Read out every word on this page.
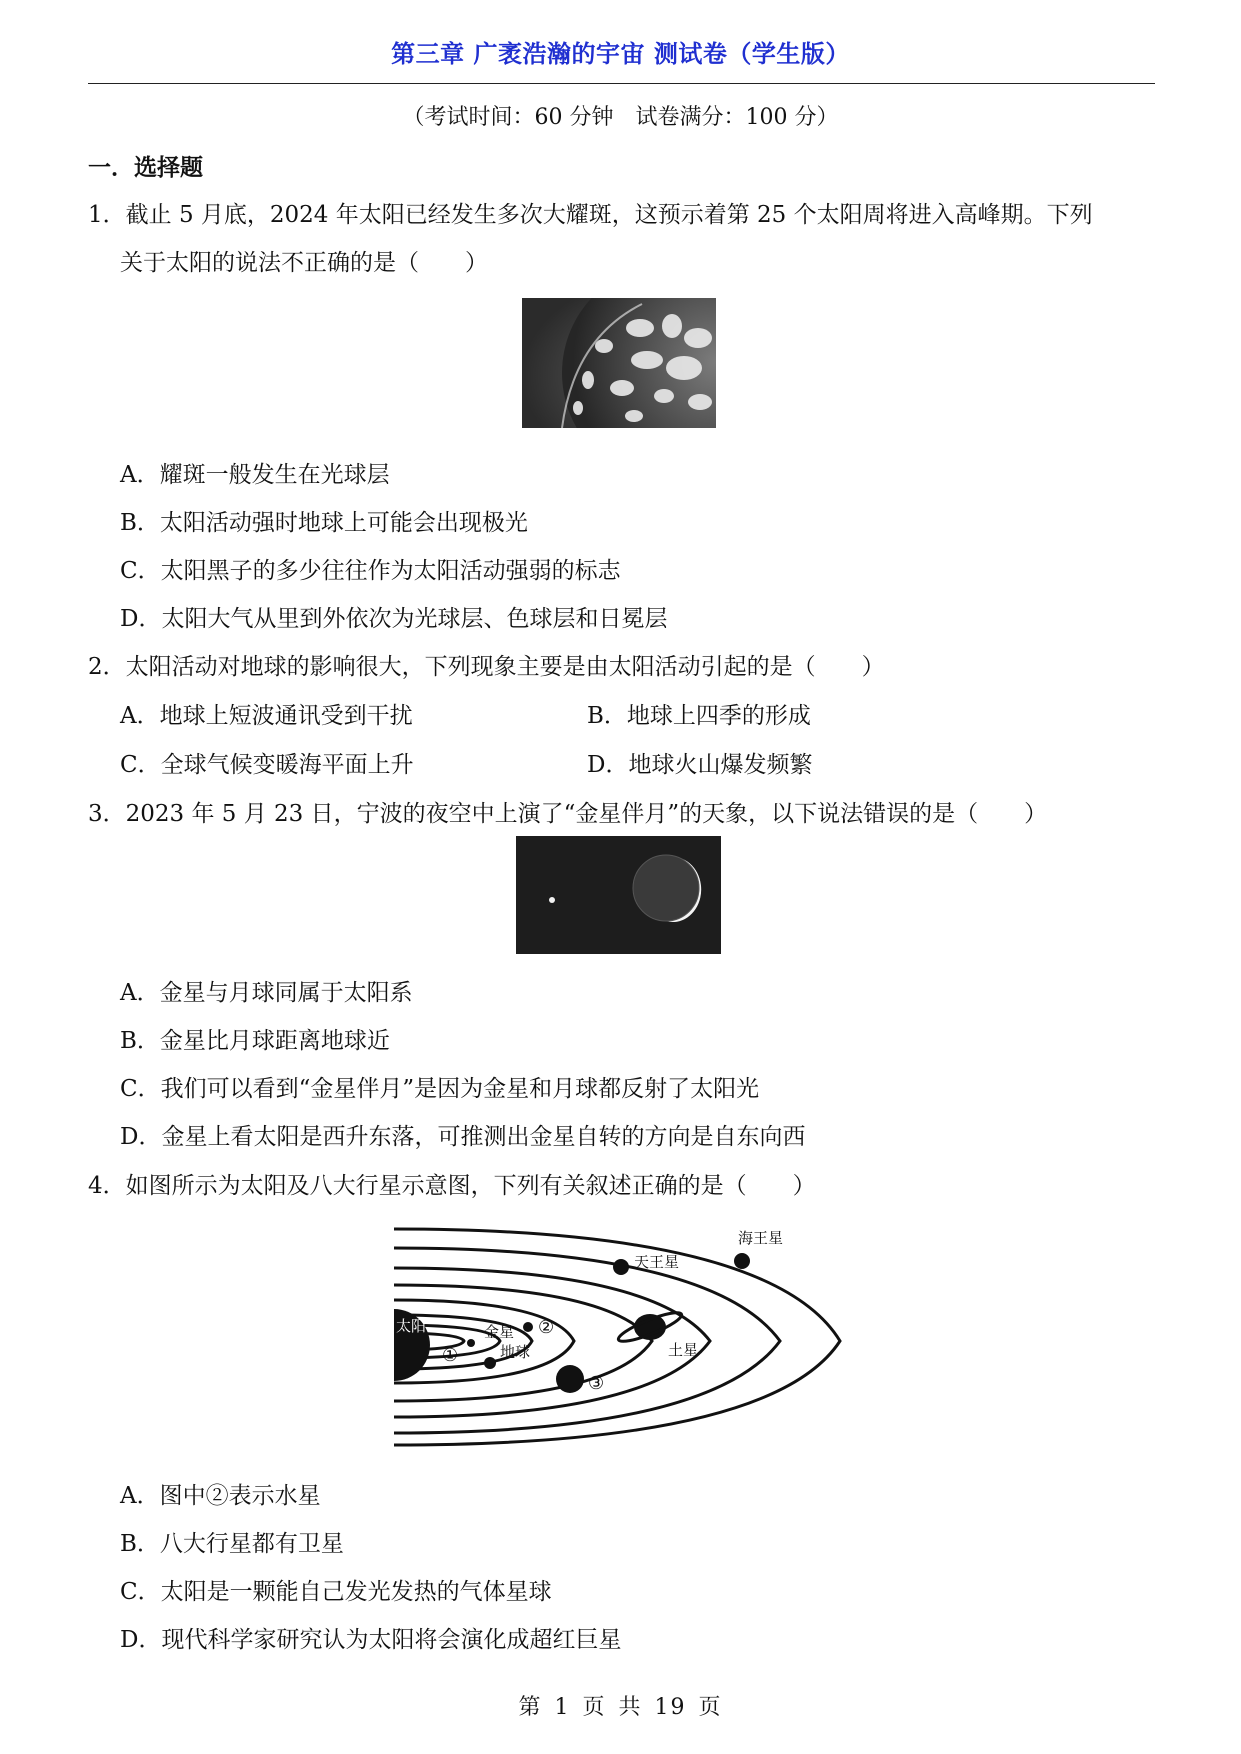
第三章 广袤浩瀚的宇宙 测试卷（学生版）
（考试时间：60 分钟　试卷满分：100 分）
一．选择题
1．截止 5 月底，2024 年太阳已经发生多次大耀斑，这预示着第 25 个太阳周将进入高峰期。下列
关于太阳的说法不正确的是（　　）
A．耀斑一般发生在光球层
B．太阳活动强时地球上可能会出现极光
C．太阳黑子的多少往往作为太阳活动强弱的标志
D．太阳大气从里到外依次为光球层、色球层和日冕层
2．太阳活动对地球的影响很大，下列现象主要是由太阳活动引起的是（　　）
A．地球上短波通讯受到干扰	B．地球上四季的形成
C．全球气候变暖海平面上升	D．地球火山爆发频繁
3．2023 年 5 月 23 日，宁波的夜空中上演了“金星伴月”的天象，以下说法错误的是（　　）
A．金星与月球同属于太阳系
B．金星比月球距离地球近
C．我们可以看到“金星伴月”是因为金星和月球都反射了太阳光
D．金星上看太阳是西升东落，可推测出金星自转的方向是自东向西
4．如图所示为太阳及八大行星示意图，下列有关叙述正确的是（　　）
太阳
①
金星 ②
地球
③
土星
天王星
海王星
A．图中②表示水星
B．八大行星都有卫星
C．太阳是一颗能自己发光发热的气体星球
D．现代科学家研究认为太阳将会演化成超红巨星
第 1 页 共 19 页
